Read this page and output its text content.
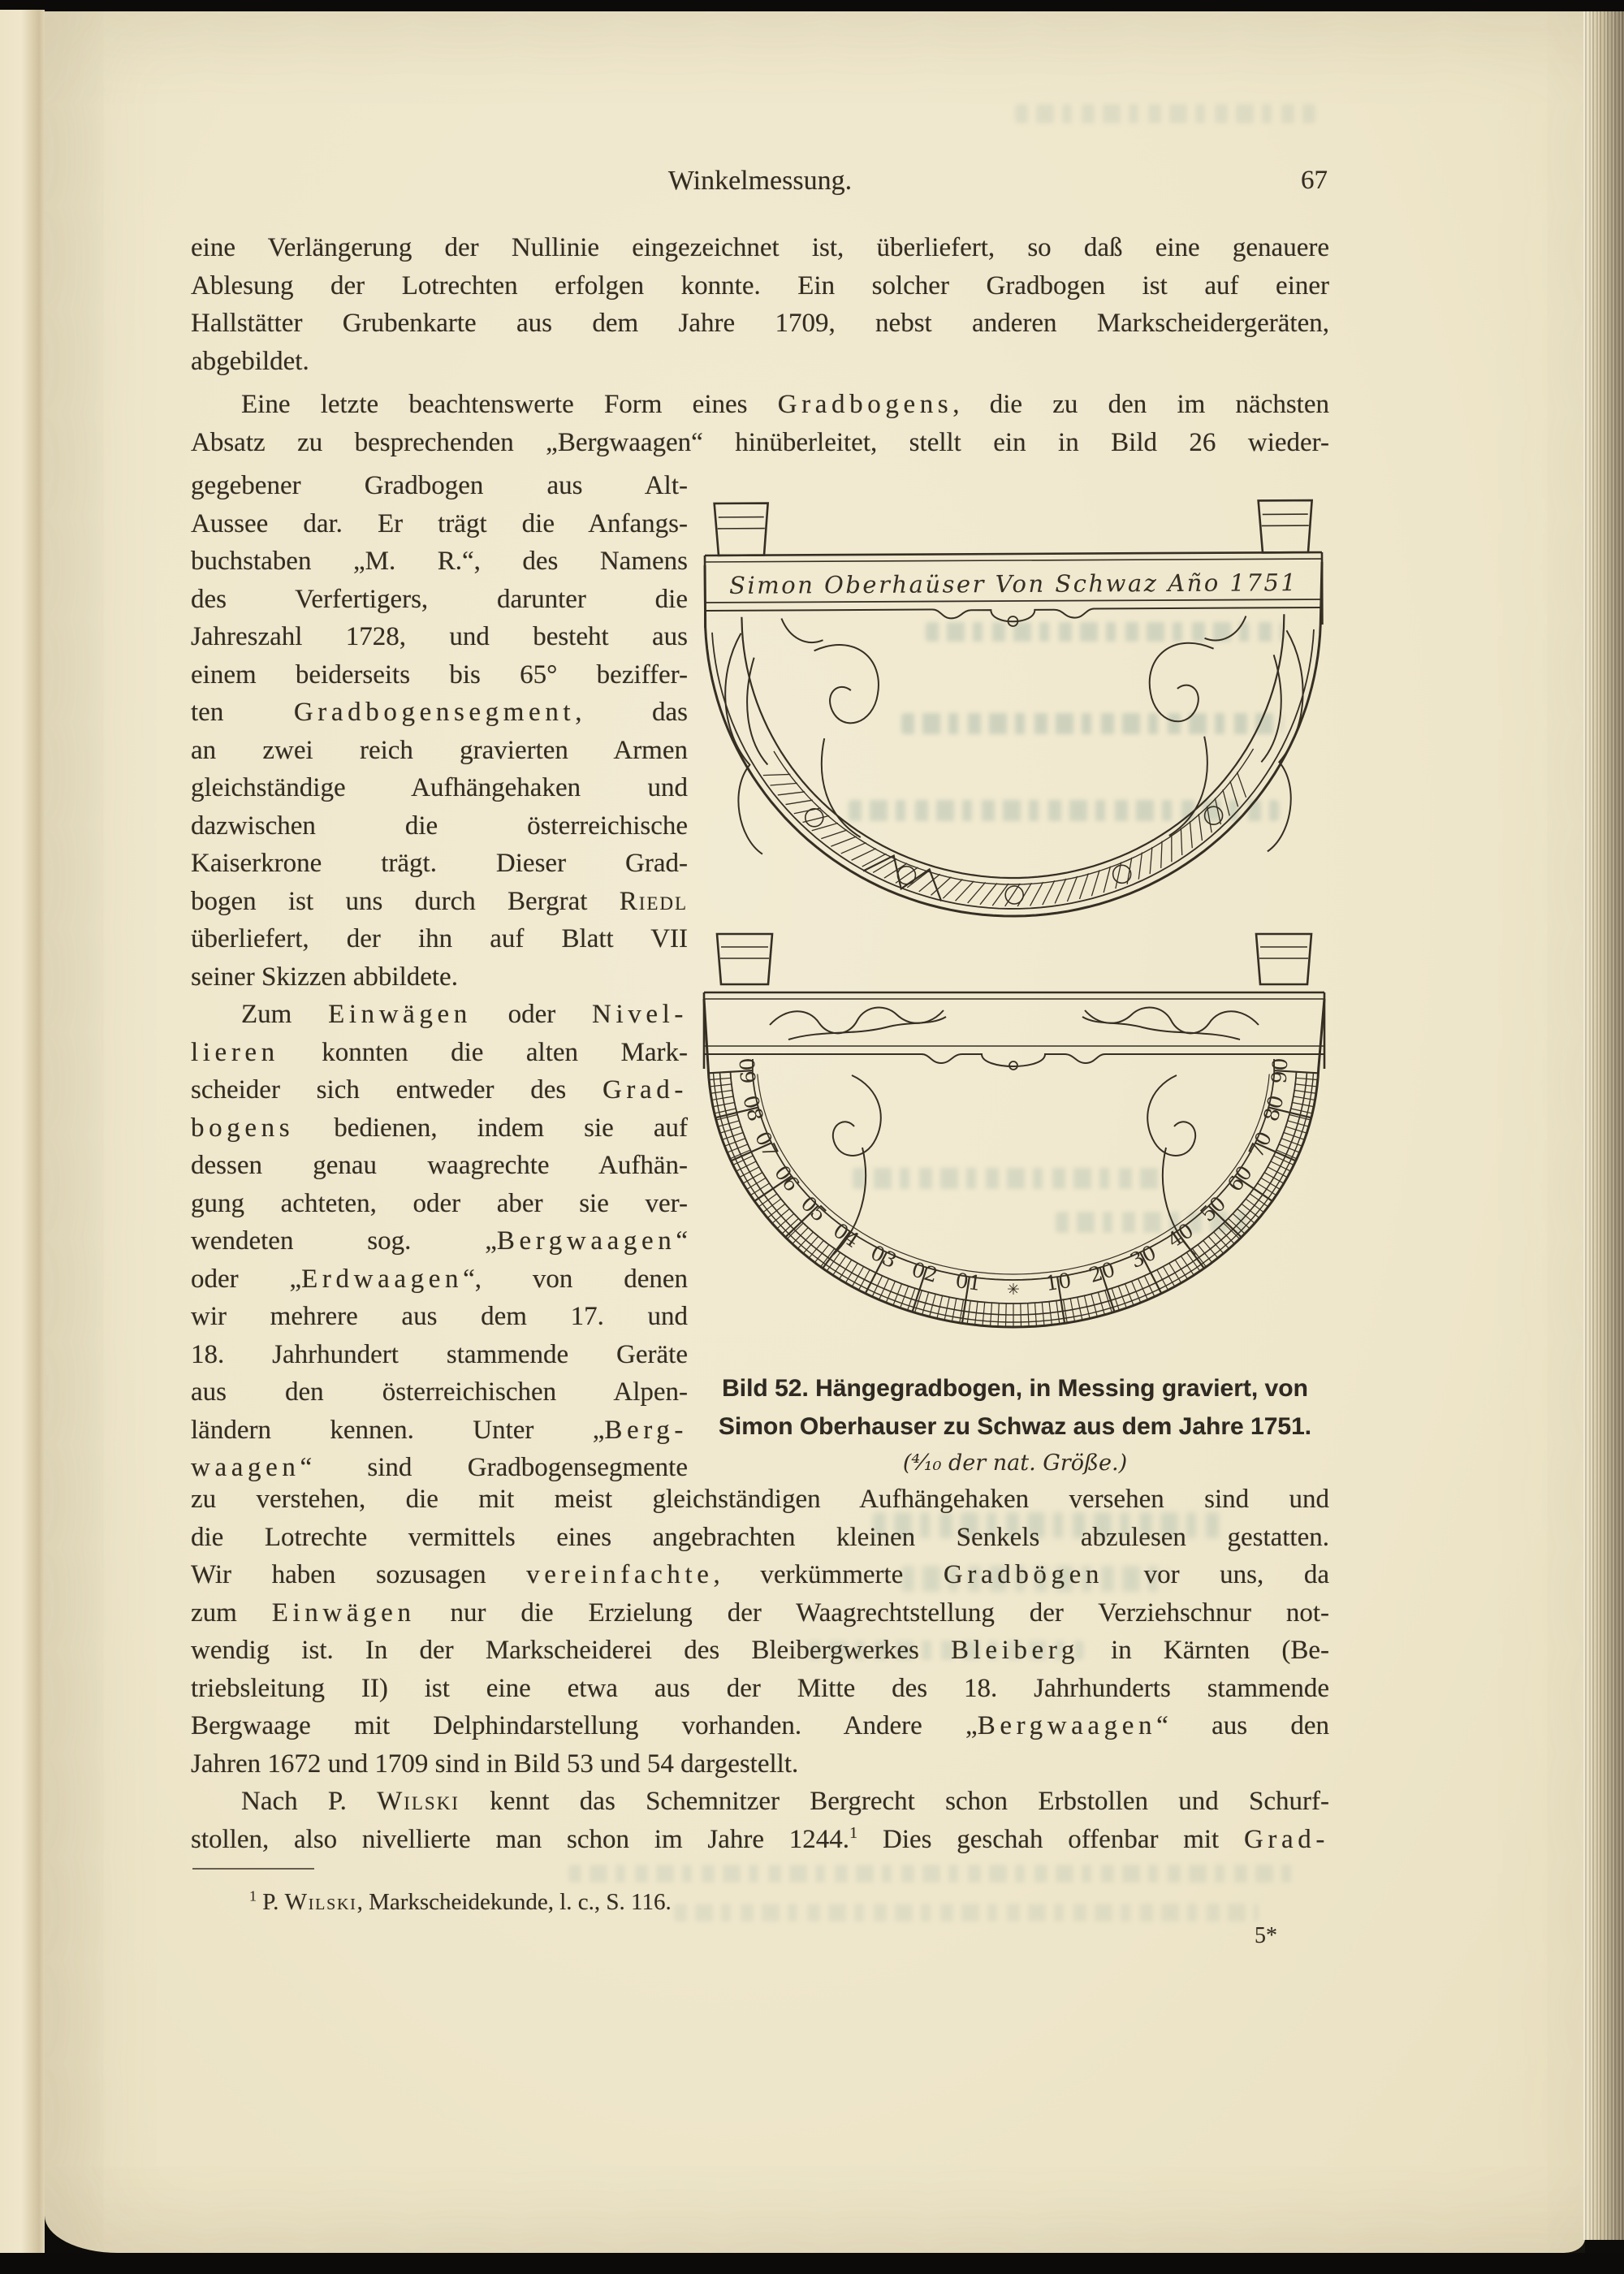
Winkelmessung.	67
eine Verlängerung der Nullinie eingezeichnet ist, überliefert, so daß eine genauere
Ablesung der Lotrechten erfolgen konnte. Ein solcher Gradbogen ist auf einer
Hallstätter Grubenkarte aus dem Jahre 1709, nebst anderen Markscheidergeräten,
abgebildet.
Eine letzte beachtenswerte Form eines Gradbogens, die zu den im nächsten
Absatz zu besprechenden „Bergwaagen“ hinüberleitet, stellt ein in Bild 26 wieder-
gegebener Gradbogen aus Alt-
Aussee dar. Er trägt die Anfangs-
buchstaben „M. R.“, des Namens
des Verfertigers, darunter die
Jahreszahl 1728, und besteht aus
einem beiderseits bis 65° beziffer-
ten Gradbogensegment, das
an zwei reich gravierten Armen
gleichständige Aufhängehaken und
dazwischen die österreichische
Kaiserkrone trägt. Dieser Grad-
bogen ist uns durch Bergrat Riedl
überliefert, der ihn auf Blatt VII
seiner Skizzen abbildete.
Zum Einwägen oder Nivel-
lieren konnten die alten Mark-
scheider sich entweder des Grad-
bogens bedienen, indem sie auf
dessen genau waagrechte Aufhän-
gung achteten, oder aber sie ver-
wendeten sog. „Bergwaagen“
oder „Erdwaagen“, von denen
wir mehrere aus dem 17. und
18. Jahrhundert stammende Geräte
aus den österreichischen Alpen-
ländern kennen. Unter „Berg-
waagen“ sind Gradbogensegmente
zu verstehen, die mit meist gleichständigen Aufhängehaken versehen sind und
die Lotrechte vermittels eines angebrachten kleinen Senkels abzulesen gestatten.
Wir haben sozusagen vereinfachte, verkümmerte Gradbögen vor uns, da
zum Einwägen nur die Erzielung der Waagrechtstellung der Verziehschnur not-
wendig ist. In der Markscheiderei des Bleibergwerkes Bleiberg in Kärnten (Be-
triebsleitung II) ist eine etwa aus der Mitte des 18. Jahrhunderts stammende
Bergwaage mit Delphindarstellung vorhanden. Andere „Bergwaagen“ aus den
Jahren 1672 und 1709 sind in Bild 53 und 54 dargestellt.
Nach P. Wilski kennt das Schemnitzer Bergrecht schon Erbstollen und Schurf-
stollen, also nivellierte man schon im Jahre 1244.$^1$ Dies geschah offenbar mit Grad-
$^1$ P. Wilski, Markscheidekunde, l. c., S. 116.
5*
Simon Oberhaüser Von Schwaz Año 1751
01	10
02	20
03	30
04	40
05	50
06	60
07	70
08	80
09	90
✳
Bild 52. Hängegradbogen, in Messing graviert, von
Simon Oberhauser zu Schwaz aus dem Jahre 1751.
(⁴⁄₁₀ der nat. Größe.)
